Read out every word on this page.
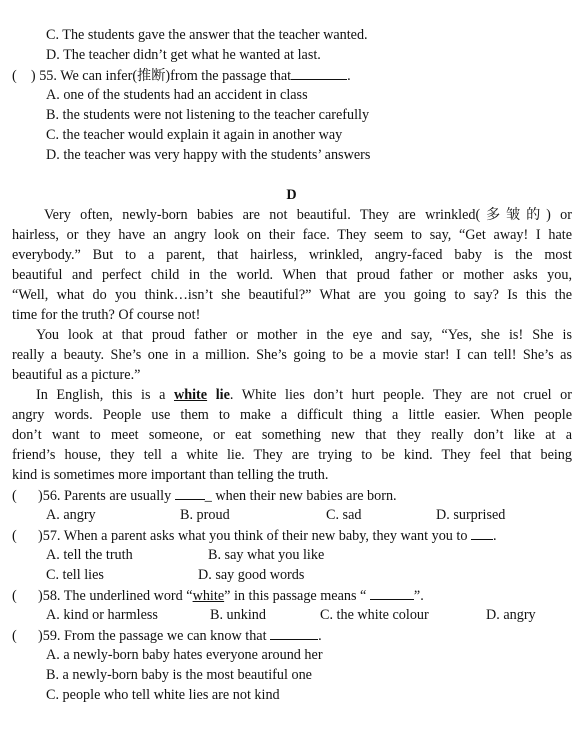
C. The students gave the answer that the teacher wanted.
D. The teacher didn’t get what he wanted at last.
(    ) 55. We can infer(推断)from the passage that	.
A. one of the students had an accident in class
B. the students were not listening to the teacher carefully
C. the teacher would explain it again in another way
D. the teacher was very happy with the students’ answers
D
Very often, newly-born babies are not beautiful. They are wrinkled(多皱的) or
hairless, or they have an angry look on their face. They seem to say, “Get away! I hate
everybody.” But to a parent, that hairless, wrinkled, angry-faced baby is the most
beautiful and perfect child in the world. When that proud father or mother asks you,
“Well, what do you think…isn’t she beautiful?” What are you going to say? Is this the
time for the truth? Of course not!
You look at that proud father or mother in the eye and say, “Yes, she is! She is
really a beauty. She’s one in a million. She’s going to be a movie star! I can tell! She’s as
beautiful as a picture.”
In English, this is a white lie. White lies don’t hurt people. They are not cruel or
angry words. People use them to make a difficult thing a little easier. When people
don’t want to meet someone, or eat something new that they really don’t like at a
friend’s house, they tell a white lie. They are trying to be kind. They feel that being
kind is sometimes more important than telling the truth.
(      )56. Parents are usually _ when their new babies are born.
A. angry	B. proud	C. sad	D. surprised
(      )57. When a parent asks what you think of their new baby, they want you to .
A. tell the truth	B. say what you like
C. tell lies	D. say good words
(      )58. The underlined word “white” in this passage means “	”.
A. kind or harmless	B. unkind	C. the white colour	D. angry
(      )59. From the passage we can know that	.
A. a newly-born baby hates everyone around her
B. a newly-born baby is the most beautiful one
C. people who tell white lies are not kind
